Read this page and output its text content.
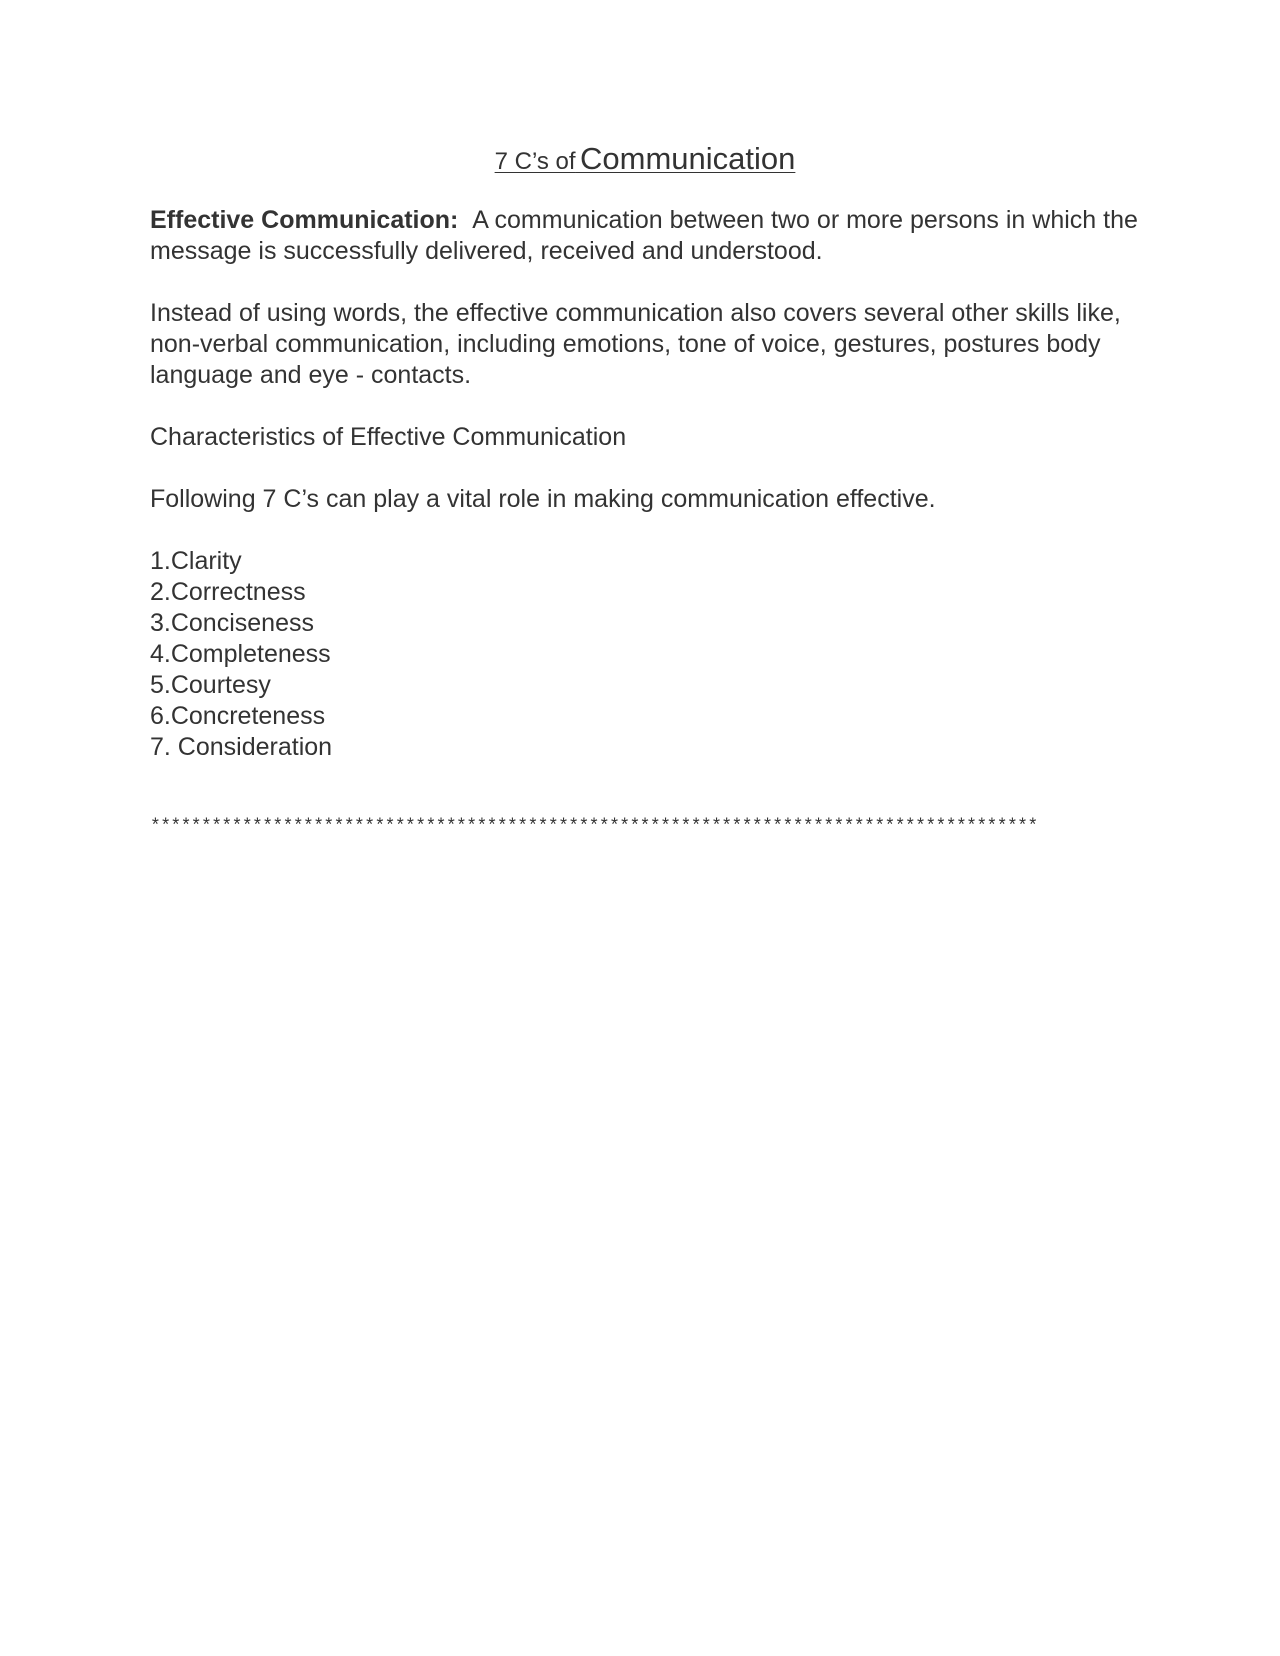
7 C’s of Communication

Effective Communication: A communication between two or more persons in which the message is successfully delivered, received and understood.

Instead of using words, the effective communication also covers several other skills like, non-verbal communication, including emotions, tone of voice, gestures, postures body language and eye - contacts.

Characteristics of Effective Communication

Following 7 C’s can play a vital role in making communication effective.

1.Clarity
2.Correctness
3.Conciseness
4.Completeness
5.Courtesy
6.Concreteness
7. Consideration
***************************************************************************************
